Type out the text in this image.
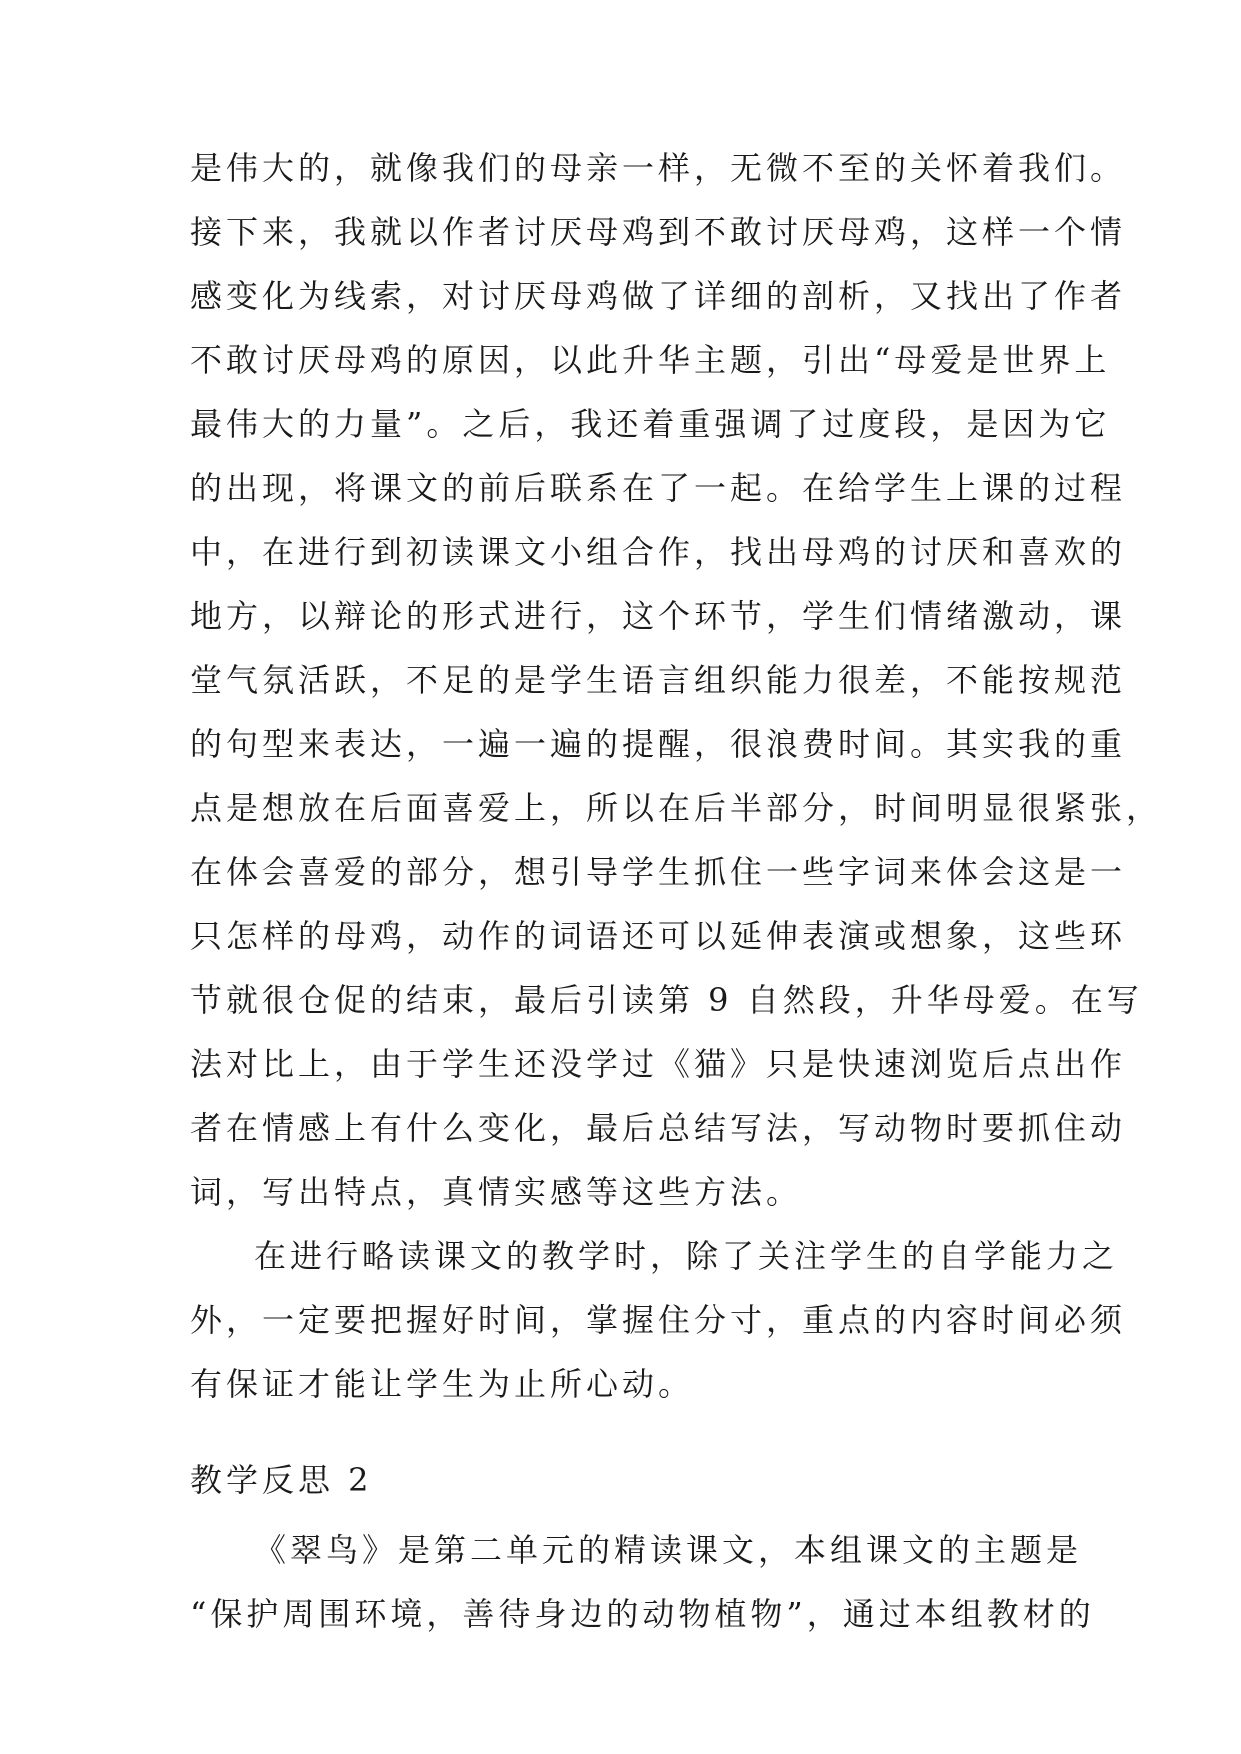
是伟大的，就像我们的母亲一样，无微不至的关怀着我们。
接下来，我就以作者讨厌母鸡到不敢讨厌母鸡，这样一个情
感变化为线索，对讨厌母鸡做了详细的剖析，又找出了作者
不敢讨厌母鸡的原因，以此升华主题，引出“母爱是世界上
最伟大的力量”。之后，我还着重强调了过度段，是因为它
的出现，将课文的前后联系在了一起。在给学生上课的过程
中，在进行到初读课文小组合作，找出母鸡的讨厌和喜欢的
地方，以辩论的形式进行，这个环节，学生们情绪激动，课
堂气氛活跃，不足的是学生语言组织能力很差，不能按规范
的句型来表达，一遍一遍的提醒，很浪费时间。其实我的重
点是想放在后面喜爱上，所以在后半部分，时间明显很紧张，
在体会喜爱的部分，想引导学生抓住一些字词来体会这是一
只怎样的母鸡，动作的词语还可以延伸表演或想象，这些环
节就很仓促的结束，最后引读第 9 自然段，升华母爱。在写
法对比上，由于学生还没学过《猫》只是快速浏览后点出作
者在情感上有什么变化，最后总结写法，写动物时要抓住动
词，写出特点，真情实感等这些方法。
在进行略读课文的教学时，除了关注学生的自学能力之
外，一定要把握好时间，掌握住分寸，重点的内容时间必须
有保证才能让学生为止所心动。
教学反思 2
《翠鸟》是第二单元的精读课文，本组课文的主题是
“保护周围环境，善待身边的动物植物”，通过本组教材的
